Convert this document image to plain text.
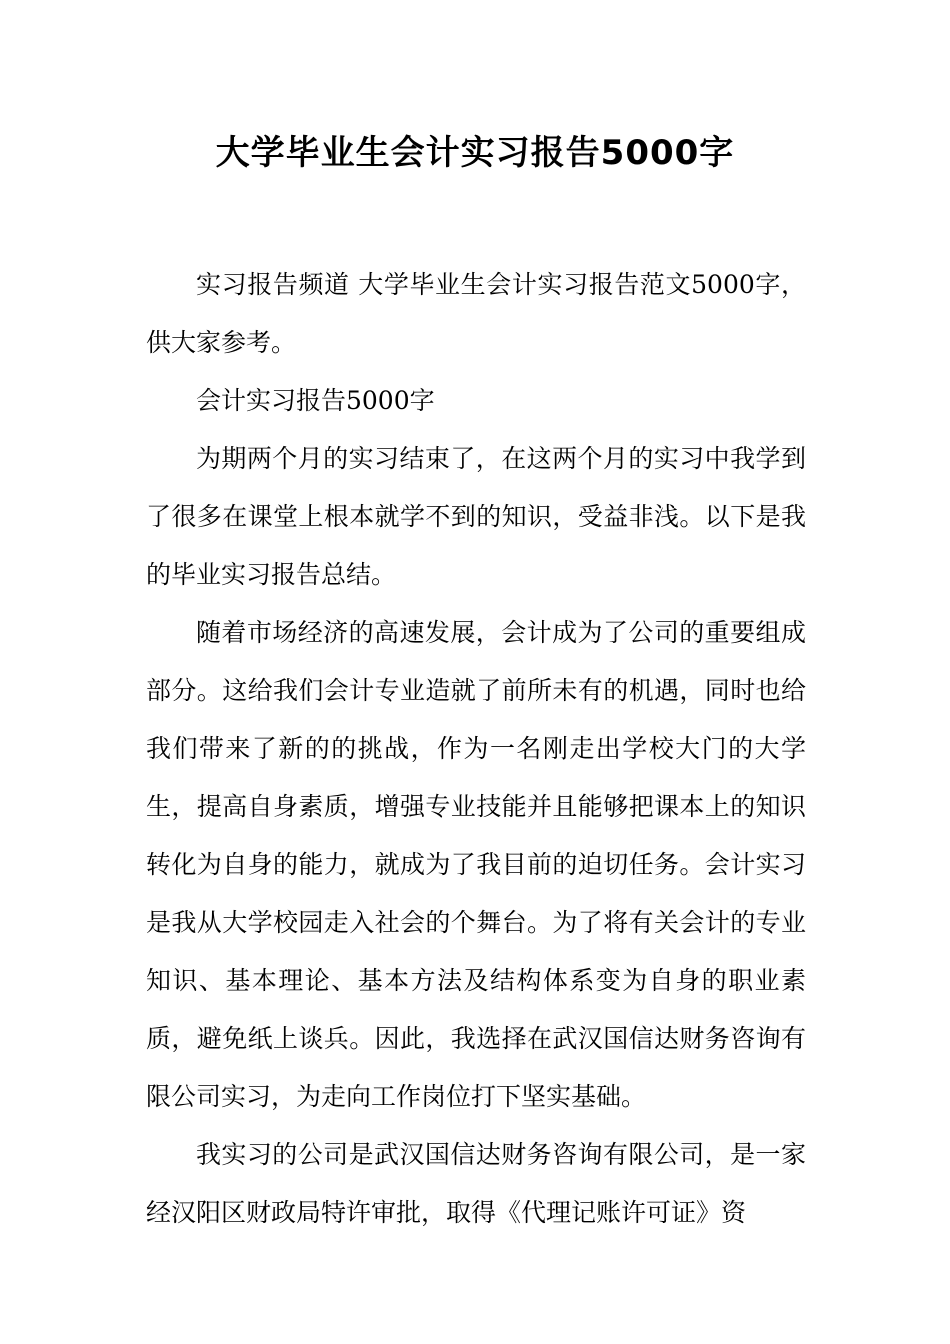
大学毕业生会计实习报告5000字

实习报告频道 大学毕业生会计实习报告范文5000字，供大家参考。

会计实习报告5000字

为期两个月的实习结束了，在这两个月的实习中我学到了很多在课堂上根本就学不到的知识，受益非浅。以下是我的毕业实习报告总结。

随着市场经济的高速发展，会计成为了公司的重要组成部分。这给我们会计专业造就了前所未有的机遇，同时也给我们带来了新的的挑战，作为一名刚走出学校大门的大学生，提高自身素质，增强专业技能并且能够把课本上的知识转化为自身的能力，就成为了我目前的迫切任务。会计实习是我从大学校园走入社会的个舞台。为了将有关会计的专业知识、基本理论、基本方法及结构体系变为自身的职业素质，避免纸上谈兵。因此，我选择在武汉国信达财务咨询有限公司实习，为走向工作岗位打下坚实基础。

我实习的公司是武汉国信达财务咨询有限公司，是一家经汉阳区财政局特许审批，取得《代理记账许可证》资
